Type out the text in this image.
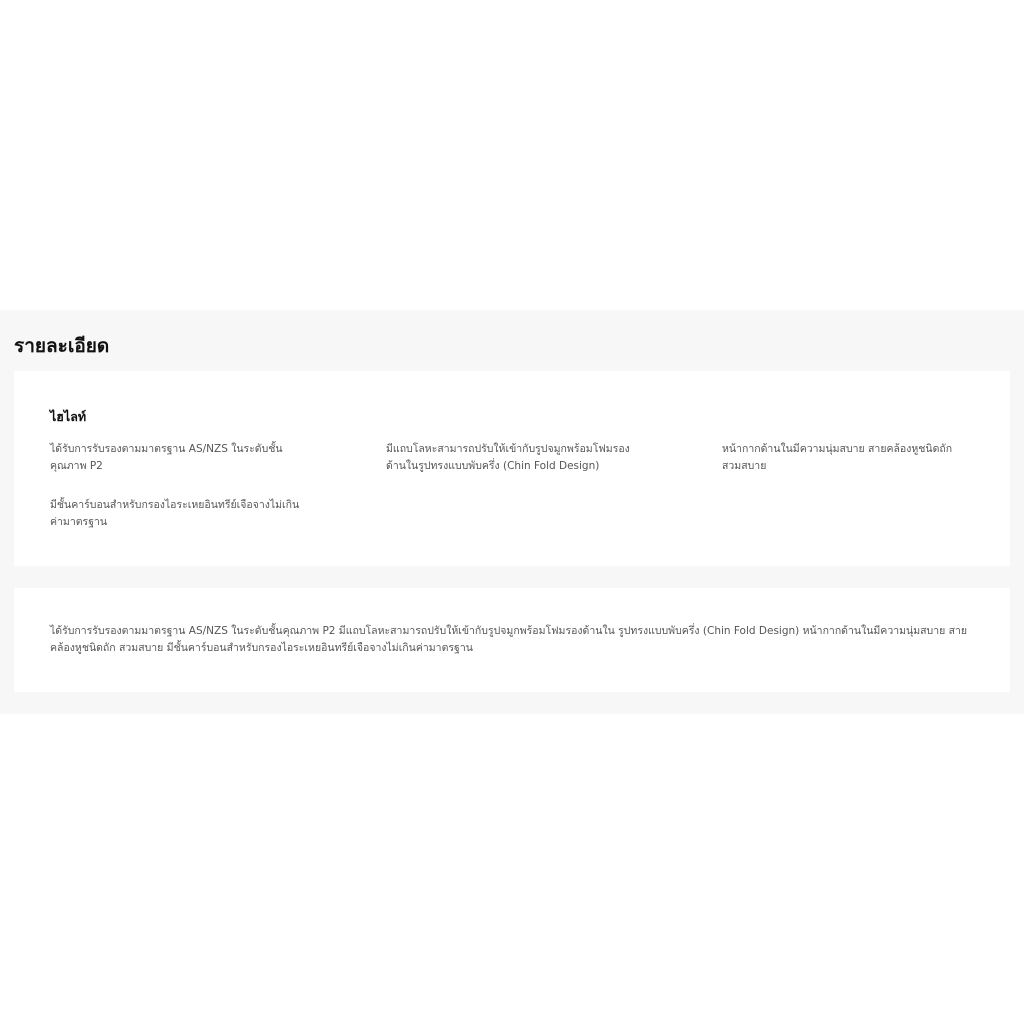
รายละเอียด
ไฮไลท์
ได้รับการรับรองตามมาตรฐาน AS/NZS ในระดับชั้นคุณภาพ P2
มีแถบโลหะสามารถปรับให้เข้ากับรูปจมูกพร้อมโฟมรองด้านในรูปทรงแบบพับครึ่ง (Chin Fold Design)
หน้ากากด้านในมีความนุ่มสบาย สายคล้องหูชนิดถัก สวมสบาย
มีชั้นคาร์บอนสำหรับกรองไอระเหยอินทรีย์เจือจางไม่เกินค่ามาตรฐาน

ได้รับการรับรองตามมาตรฐาน AS/NZS ในระดับชั้นคุณภาพ P2 มีแถบโลหะสามารถปรับให้เข้ากับรูปจมูกพร้อมโฟมรองด้านใน รูปทรงแบบพับครึ่ง (Chin Fold Design) หน้ากากด้านในมีความนุ่มสบาย สายคล้องหูชนิดถัก สวมสบาย มีชั้นคาร์บอนสำหรับกรองไอระเหยอินทรีย์เจือจางไม่เกินค่ามาตรฐาน
